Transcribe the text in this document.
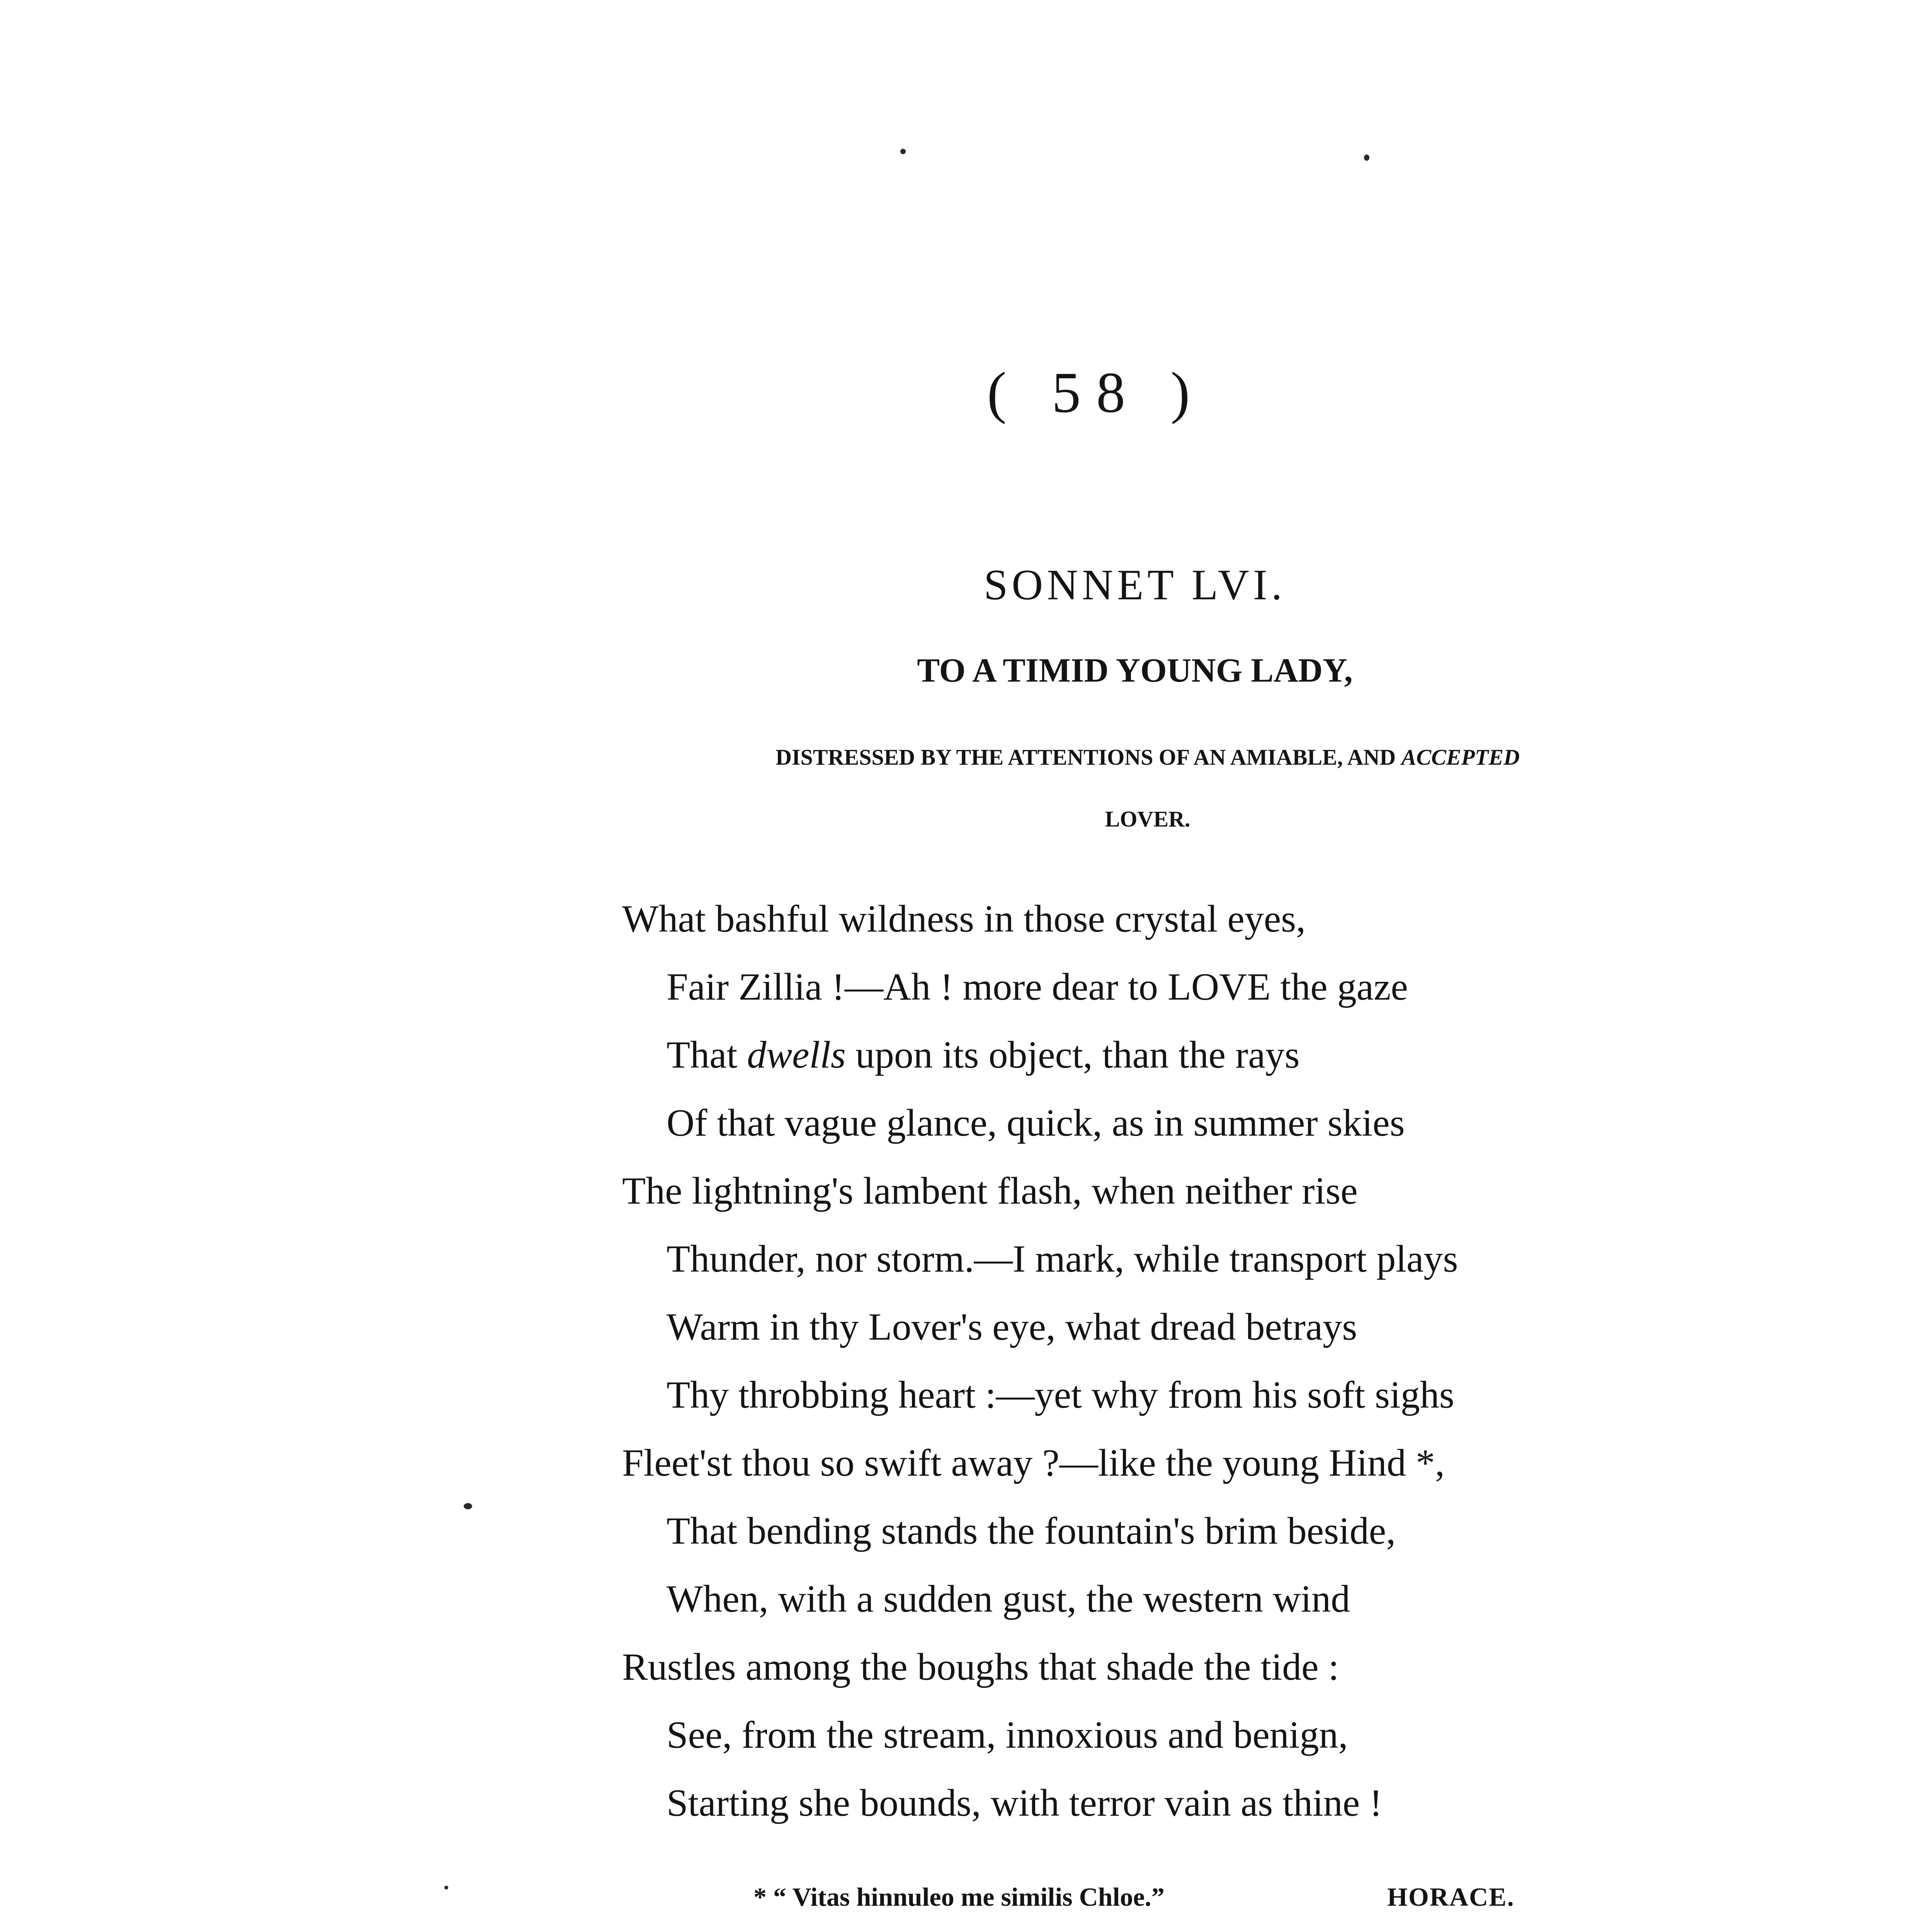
( 58 )
SONNET LVI.
TO A TIMID YOUNG LADY,
DISTRESSED BY THE ATTENTIONS OF AN AMIABLE, AND ACCEPTED
LOVER.
What bashful wildness in those crystal eyes,
Fair Zillia !—Ah ! more dear to LOVE the gaze
That dwells upon its object, than the rays
Of that vague glance, quick, as in summer skies
The lightning's lambent flash, when neither rise
Thunder, nor storm.—I mark, while transport plays
Warm in thy Lover's eye, what dread betrays
Thy throbbing heart :—yet why from his soft sighs
Fleet'st thou so swift away ?—like the young Hind *,
That bending stands the fountain's brim beside,
When, with a sudden gust, the western wind
Rustles among the boughs that shade the tide :
See, from the stream, innoxious and benign,
Starting she bounds, with terror vain as thine !
* “ Vitas hinnuleo me similis Chloe.”	HORACE.
